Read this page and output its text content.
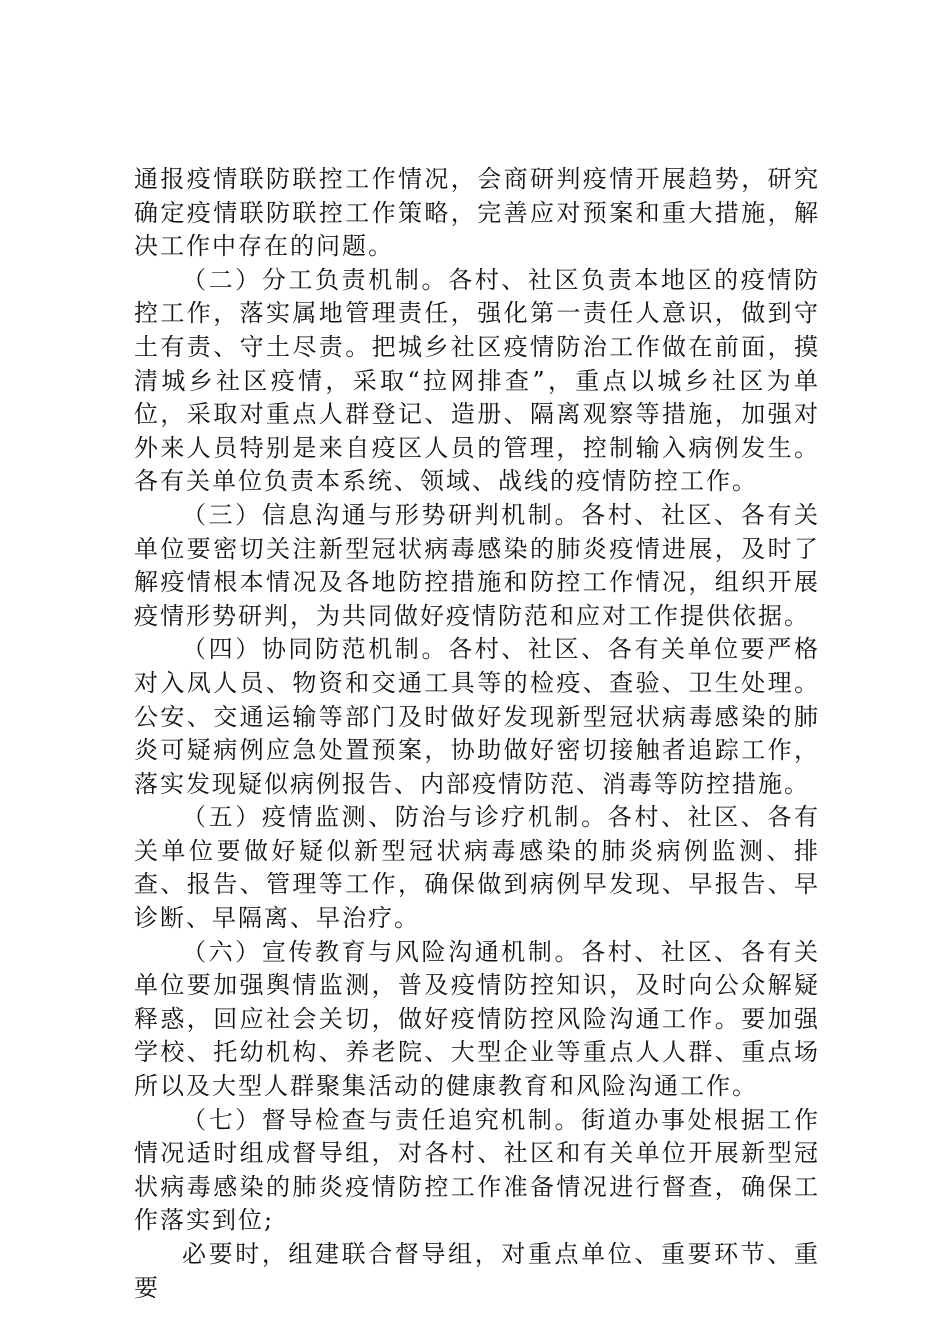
通报疫情联防联控工作情况，会商研判疫情开展趋势，研究确定疫情联防联控工作策略，完善应对预案和重大措施，解决工作中存在的问题。

（二）分工负责机制。各村、社区负责本地区的疫情防控工作，落实属地管理责任，强化第一责任人意识，做到守土有责、守土尽责。把城乡社区疫情防治工作做在前面，摸清城乡社区疫情，采取“拉网排查”，重点以城乡社区为单位，采取对重点人群登记、造册、隔离观察等措施，加强对外来人员特别是来自疫区人员的管理，控制输入病例发生。各有关单位负责本系统、领域、战线的疫情防控工作。

（三）信息沟通与形势研判机制。各村、社区、各有关单位要密切关注新型冠状病毒感染的肺炎疫情进展，及时了解疫情根本情况及各地防控措施和防控工作情况，组织开展疫情形势研判，为共同做好疫情防范和应对工作提供依据。

（四）协同防范机制。各村、社区、各有关单位要严格对入凤人员、物资和交通工具等的检疫、查验、卫生处理。公安、交通运输等部门及时做好发现新型冠状病毒感染的肺炎可疑病例应急处置预案，协助做好密切接触者追踪工作，落实发现疑似病例报告、内部疫情防范、消毒等防控措施。

（五）疫情监测、防治与诊疗机制。各村、社区、各有关单位要做好疑似新型冠状病毒感染的肺炎病例监测、排查、报告、管理等工作，确保做到病例早发现、早报告、早诊断、早隔离、早治疗。

（六）宣传教育与风险沟通机制。各村、社区、各有关单位要加强舆情监测，普及疫情防控知识，及时向公众解疑释惑，回应社会关切，做好疫情防控风险沟通工作。要加强学校、托幼机构、养老院、大型企业等重点人人群、重点场所以及大型人群聚集活动的健康教育和风险沟通工作。

（七）督导检查与责任追究机制。街道办事处根据工作情况适时组成督导组，对各村、社区和有关单位开展新型冠状病毒感染的肺炎疫情防控工作准备情况进行督查，确保工作落实到位;

必要时，组建联合督导组，对重点单位、重要环节、重要
